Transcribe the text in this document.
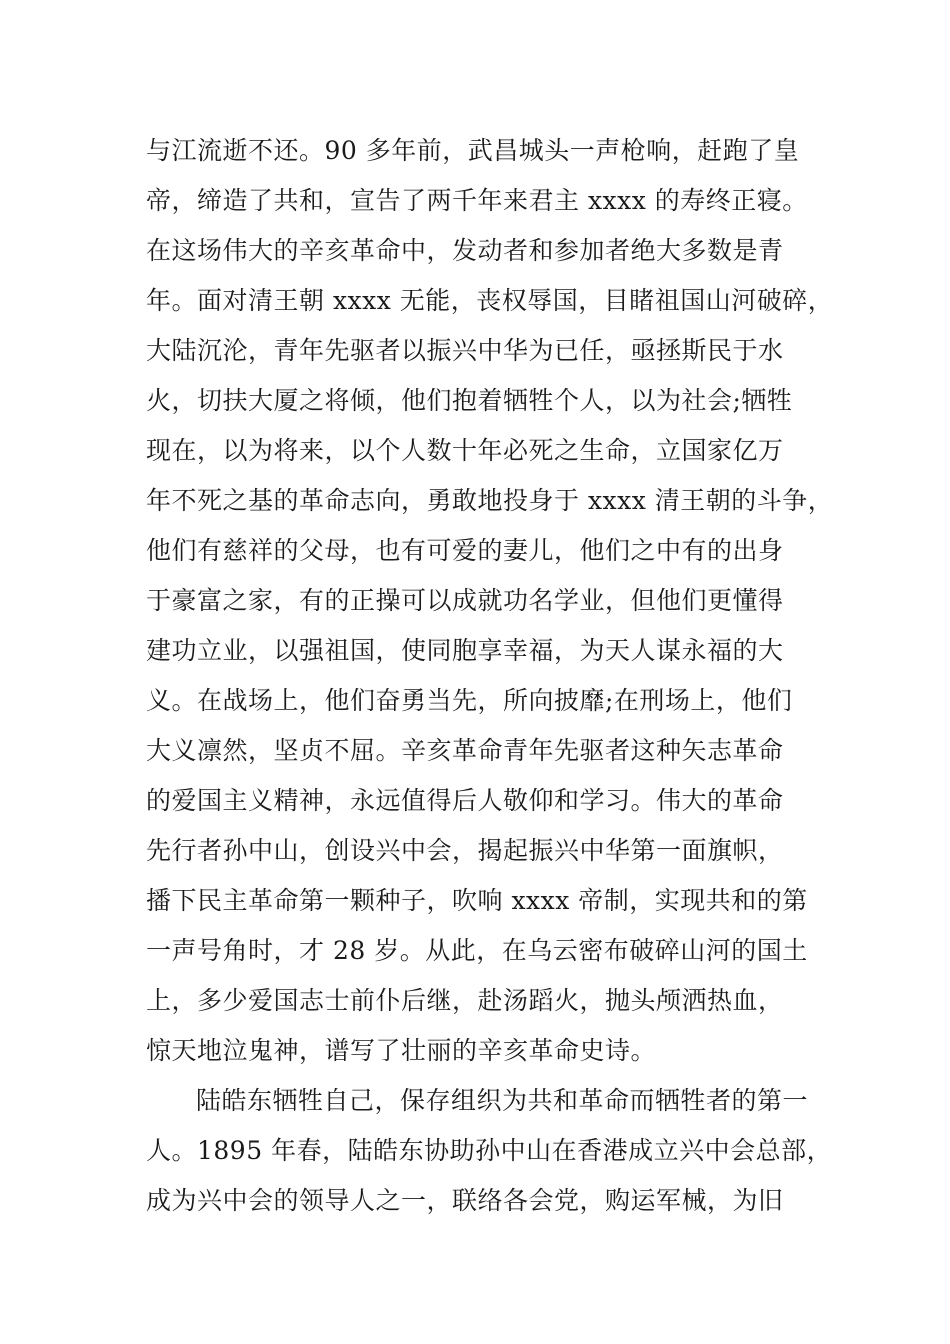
与江流逝不还。90 多年前，武昌城头一声枪响，赶跑了皇

帝，缔造了共和，宣告了两千年来君主 xxxx 的寿终正寝。

在这场伟大的辛亥革命中，发动者和参加者绝大多数是青

年。面对清王朝 xxxx 无能，丧权辱国，目睹祖国山河破碎，

大陆沉沦，青年先驱者以振兴中华为已任，亟拯斯民于水

火，切扶大厦之将倾，他们抱着牺牲个人，以为社会;牺牲

现在，以为将来，以个人数十年必死之生命，立国家亿万

年不死之基的革命志向，勇敢地投身于 xxxx 清王朝的斗争，

他们有慈祥的父母，也有可爱的妻儿，他们之中有的出身

于豪富之家，有的正操可以成就功名学业，但他们更懂得

建功立业，以强祖国，使同胞享幸福，为天人谋永福的大

义。在战场上，他们奋勇当先，所向披靡;在刑场上，他们

大义凛然，坚贞不屈。辛亥革命青年先驱者这种矢志革命

的爱国主义精神，永远值得后人敬仰和学习。伟大的革命

先行者孙中山，创设兴中会，揭起振兴中华第一面旗帜，

播下民主革命第一颗种子，吹响 xxxx 帝制，实现共和的第

一声号角时，才 28 岁。从此，在乌云密布破碎山河的国土

上，多少爱国志士前仆后继，赴汤蹈火，抛头颅洒热血，

惊天地泣鬼神，谱写了壮丽的辛亥革命史诗。

陆皓东牺牲自己，保存组织为共和革命而牺牲者的第一

人。1895 年春，陆皓东协助孙中山在香港成立兴中会总部，

成为兴中会的领导人之一，联络各会党，购运军械，为旧
